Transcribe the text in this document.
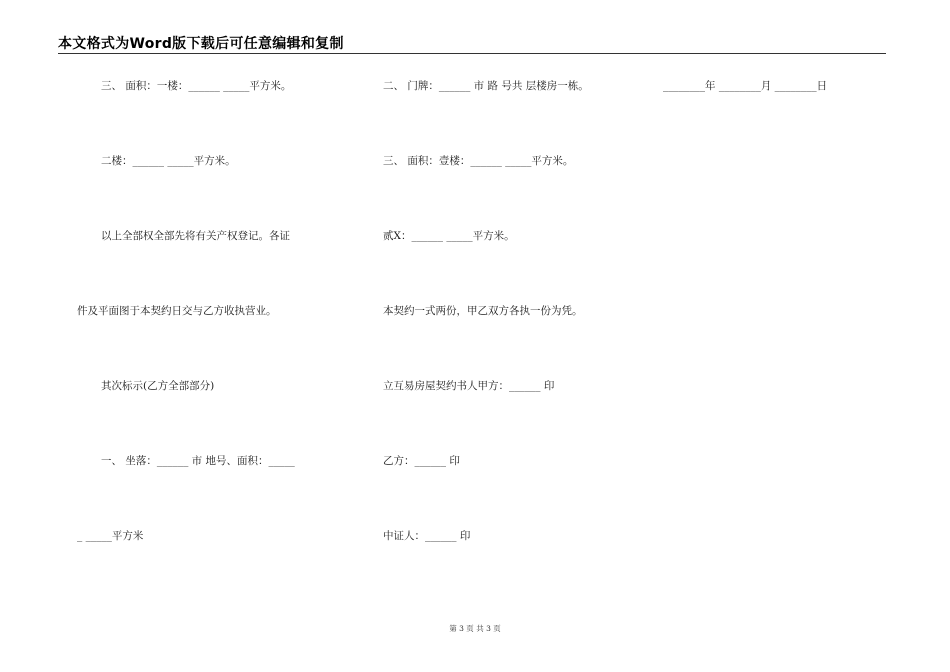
本文格式为Word版下载后可任意编辑和复制
三、 面积：一楼：______ _____平方米。
二楼：______ _____平方米。
以上全部权全部先将有关产权登记。各证
件及平面图于本契约日交与乙方收执营业。
其次标示(乙方全部部分)
一、 坐落：______ 市 地号、面积：_____
_ _____平方米
二、 门牌：______ 市 路 号共 层楼房一栋。
三、 面积：壹楼：______ _____平方米。
贰X：______ _____平方米。
本契约一式两份，甲乙双方各执一份为凭。
立互易房屋契约书人甲方：______ 印
乙方：______ 印
中证人：______ 印
________年 ________月 ________日
第 3 页 共 3 页
